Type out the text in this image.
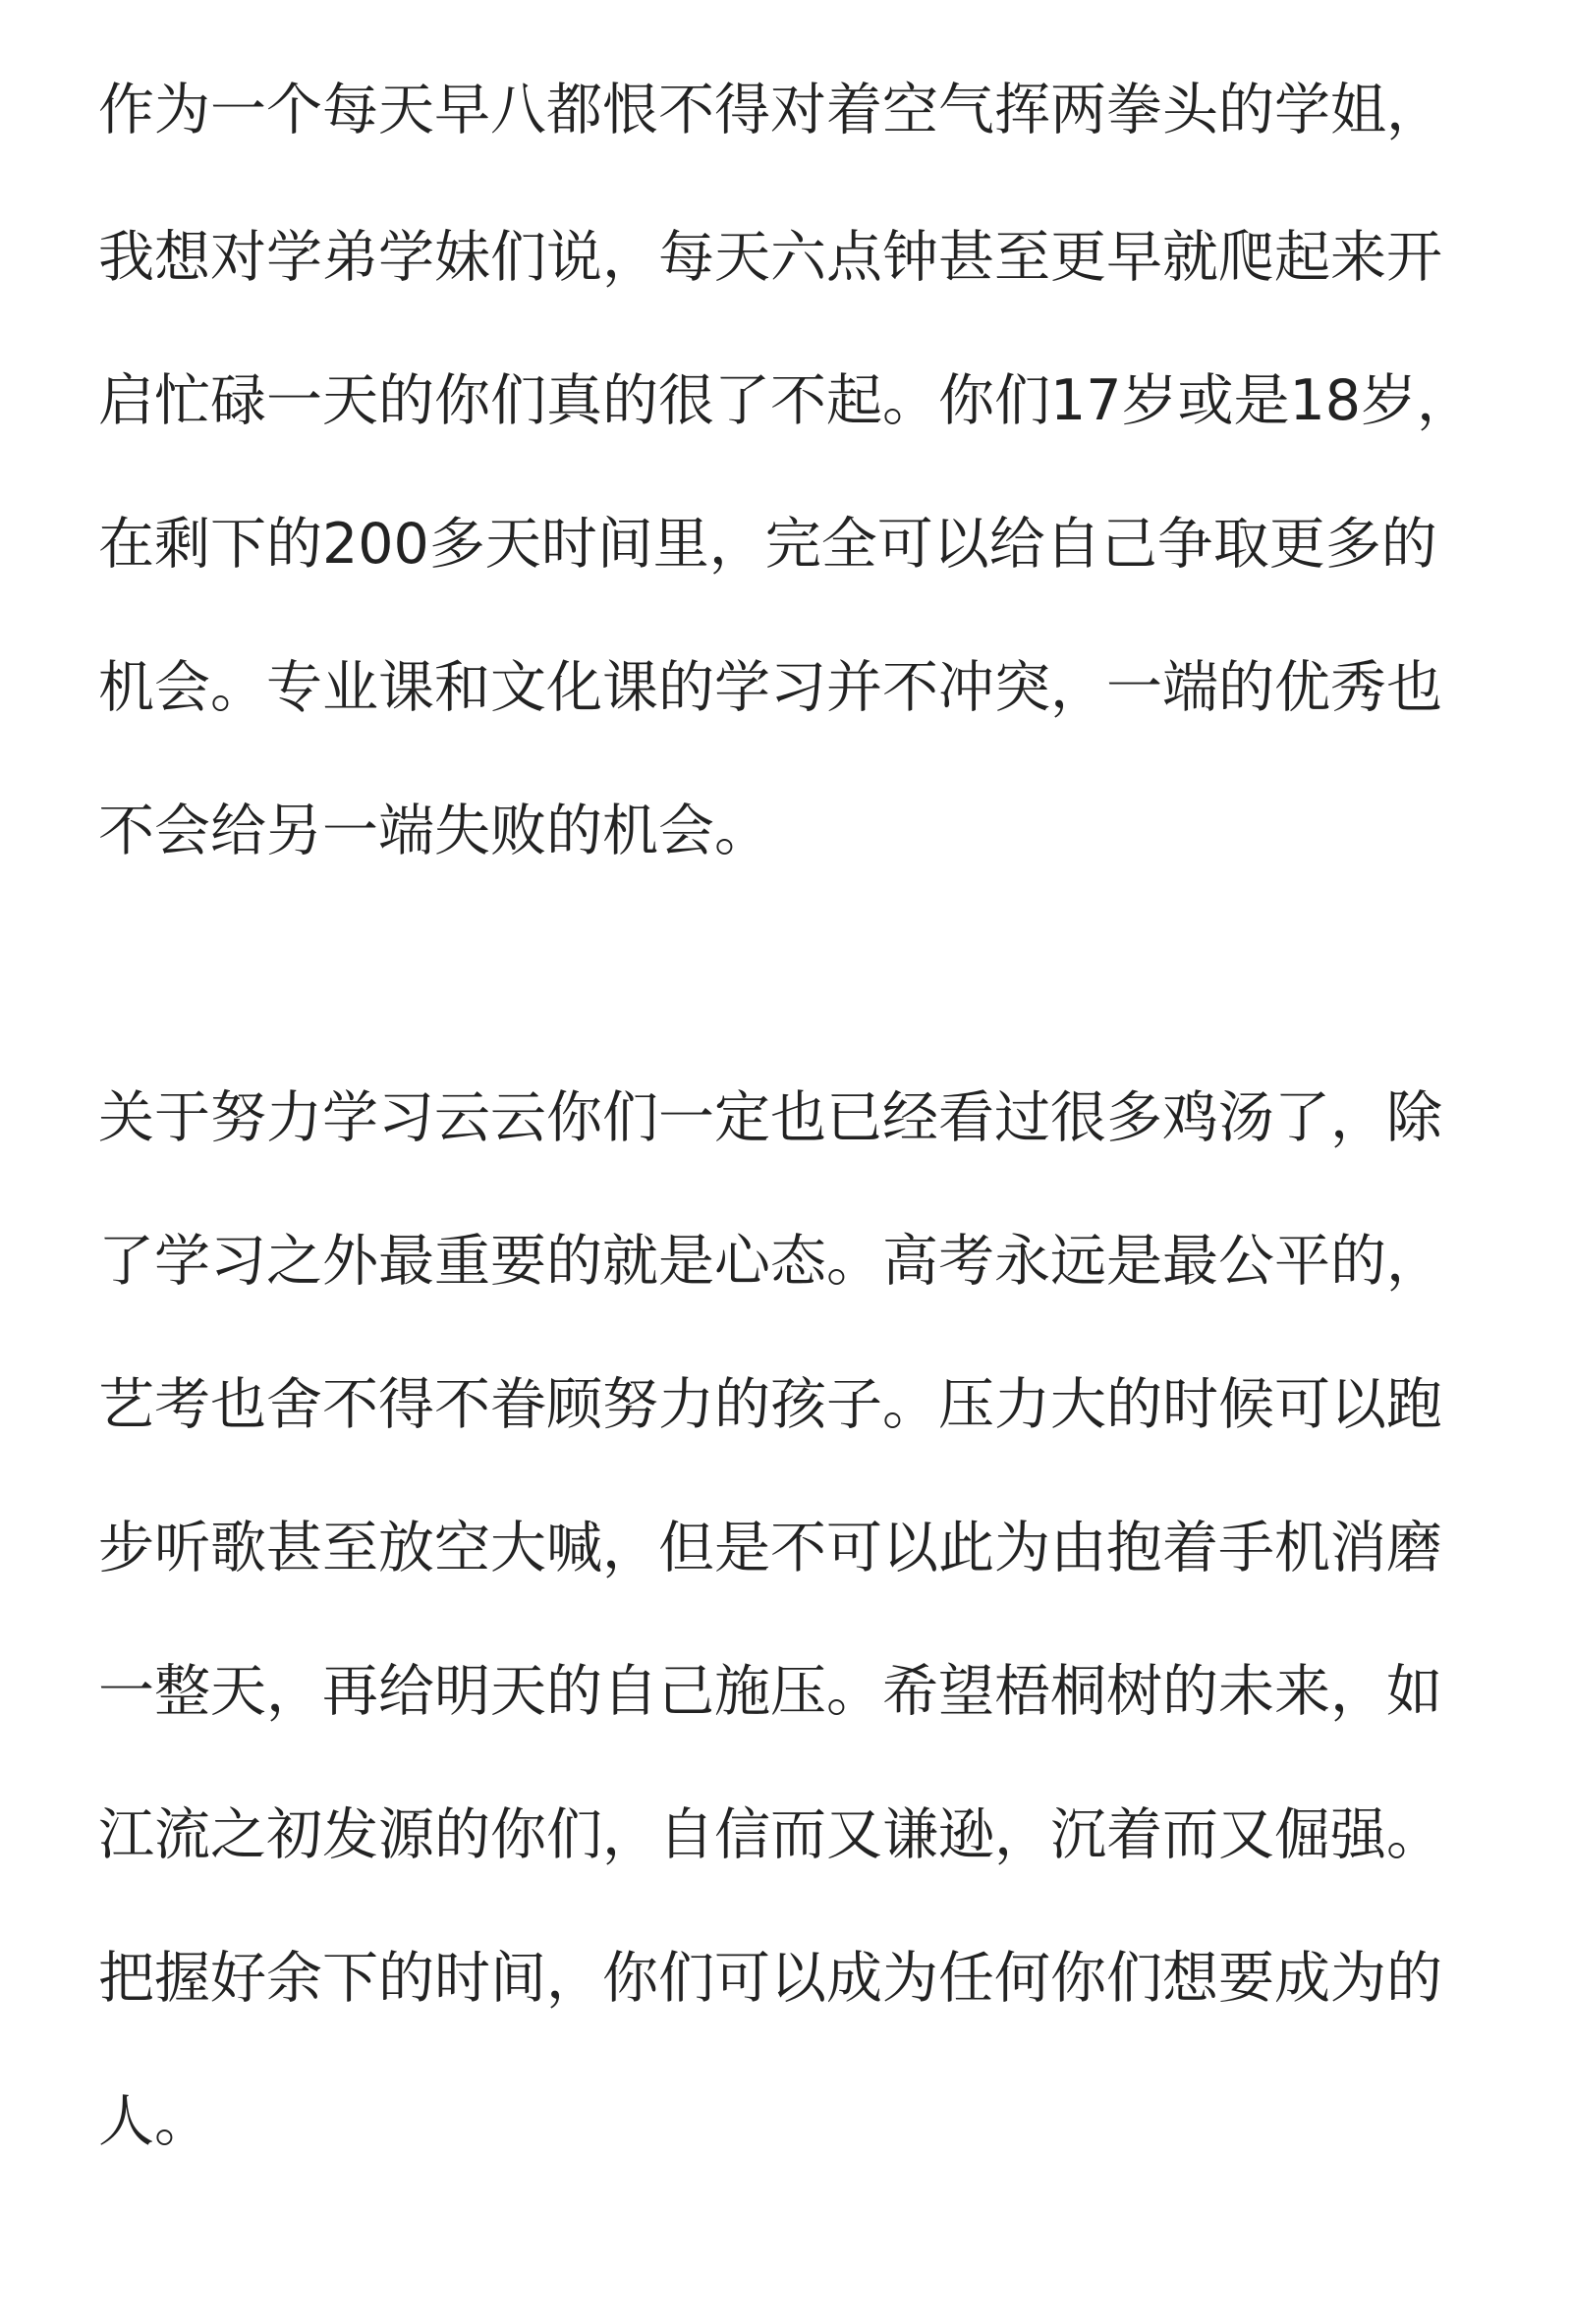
作为一个每天早八都恨不得对着空气挥两拳头的学姐，
我想对学弟学妹们说，每天六点钟甚至更早就爬起来开
启忙碌一天的你们真的很了不起。你们17岁或是18岁，
在剩下的200多天时间里，完全可以给自己争取更多的
机会。专业课和文化课的学习并不冲突，一端的优秀也
不会给另一端失败的机会。
关于努力学习云云你们一定也已经看过很多鸡汤了，除
了学习之外最重要的就是心态。高考永远是最公平的，
艺考也舍不得不眷顾努力的孩子。压力大的时候可以跑
步听歌甚至放空大喊，但是不可以此为由抱着手机消磨
一整天，再给明天的自己施压。希望梧桐树的未来，如
江流之初发源的你们，自信而又谦逊，沉着而又倔强。
把握好余下的时间，你们可以成为任何你们想要成为的
人。
